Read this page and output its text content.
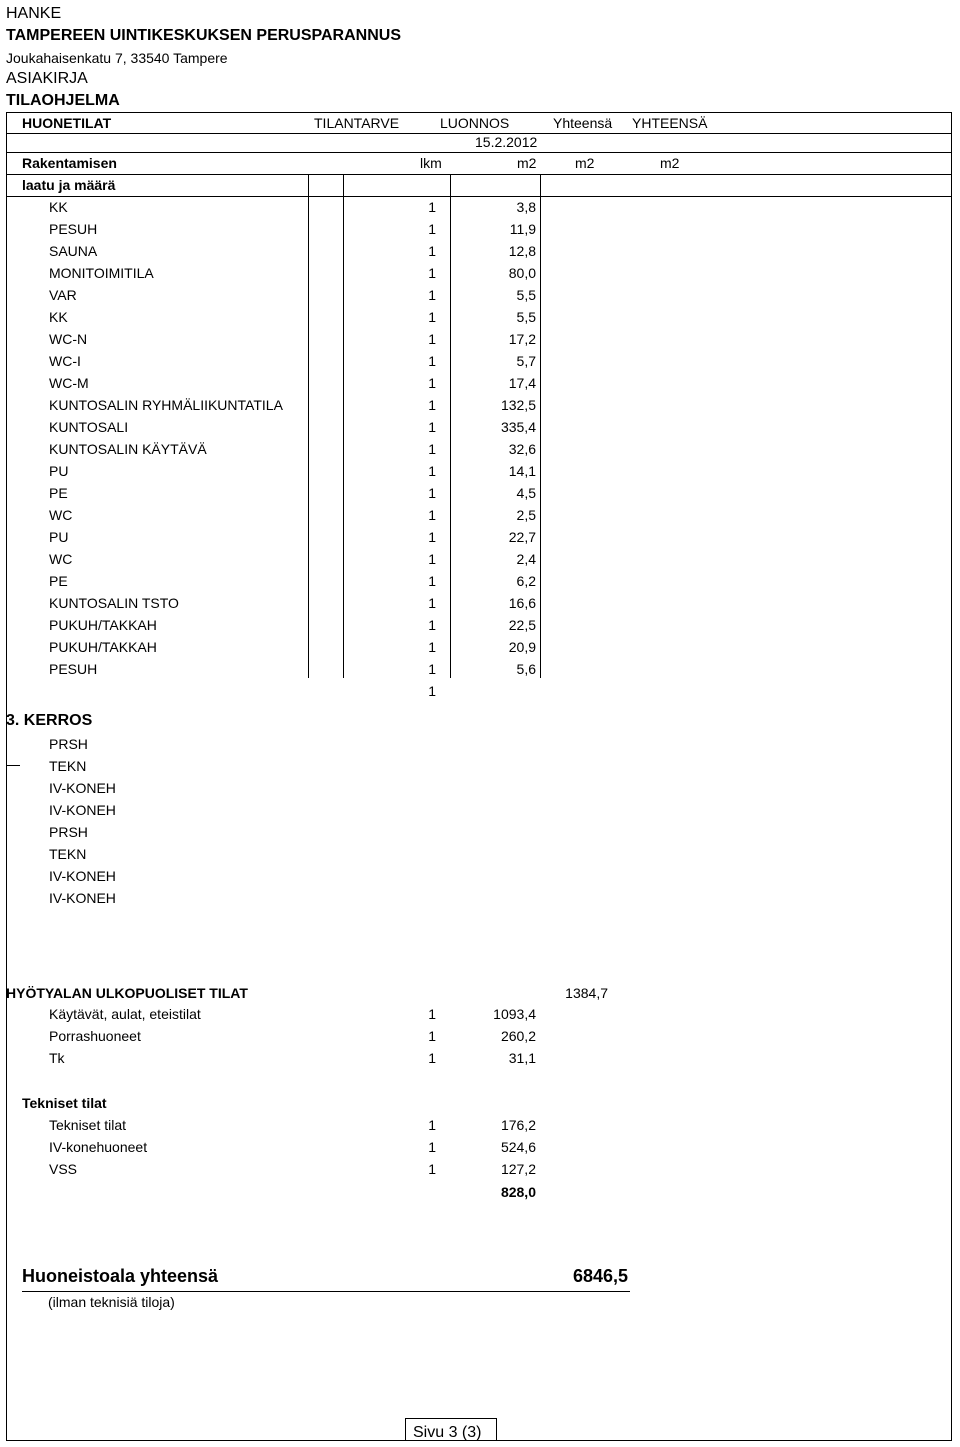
HANKE
TAMPEREEN UINTIKESKUKSEN PERUSPARANNUS
Joukahaisenkatu 7, 33540 Tampere
ASIAKIRJA
TILAOHJELMA
HUONETILAT	TILANTARVE	LUONNOS	Yhteensä YHTEENSÄ
15.2.2012
Rakentamisen	lkm	m2	m2	m2
laatu ja määrä
KK	1	3,8
PESUH	1	11,9
SAUNA	1	12,8
MONITOIMITILA	1	80,0
VAR	1	5,5
KK	1	5,5
WC-N	1	17,2
WC-I	1	5,7
WC-M	1	17,4
KUNTOSALIN RYHMÄLIIKUNTATILA	1	132,5
KUNTOSALI	1	335,4
KUNTOSALIN KÄYTÄVÄ	1	32,6
PU	1	14,1
PE	1	4,5
WC	1	2,5
PU	1	22,7
WC	1	2,4
PE	1	6,2
KUNTOSALIN TSTO	1	16,6
PUKUH/TAKKAH	1	22,5
PUKUH/TAKKAH	1	20,9
PESUH	1	5,6
1
3. KERROS
PRSH
TEKN
IV-KONEH
IV-KONEH
PRSH
TEKN
IV-KONEH
IV-KONEH
HYÖTYALAN ULKOPUOLISET TILAT	1384,7
Käytävät, aulat, eteistilat	1	1093,4
Porrashuoneet	1	260,2
Tk	1	31,1
Tekniset tilat
Tekniset tilat	1	176,2
IV-konehuoneet	1	524,6
VSS	1	127,2
828,0
Huoneistoala yhteensä	6846,5
(ilman teknisiä tiloja)
Sivu 3 (3)
